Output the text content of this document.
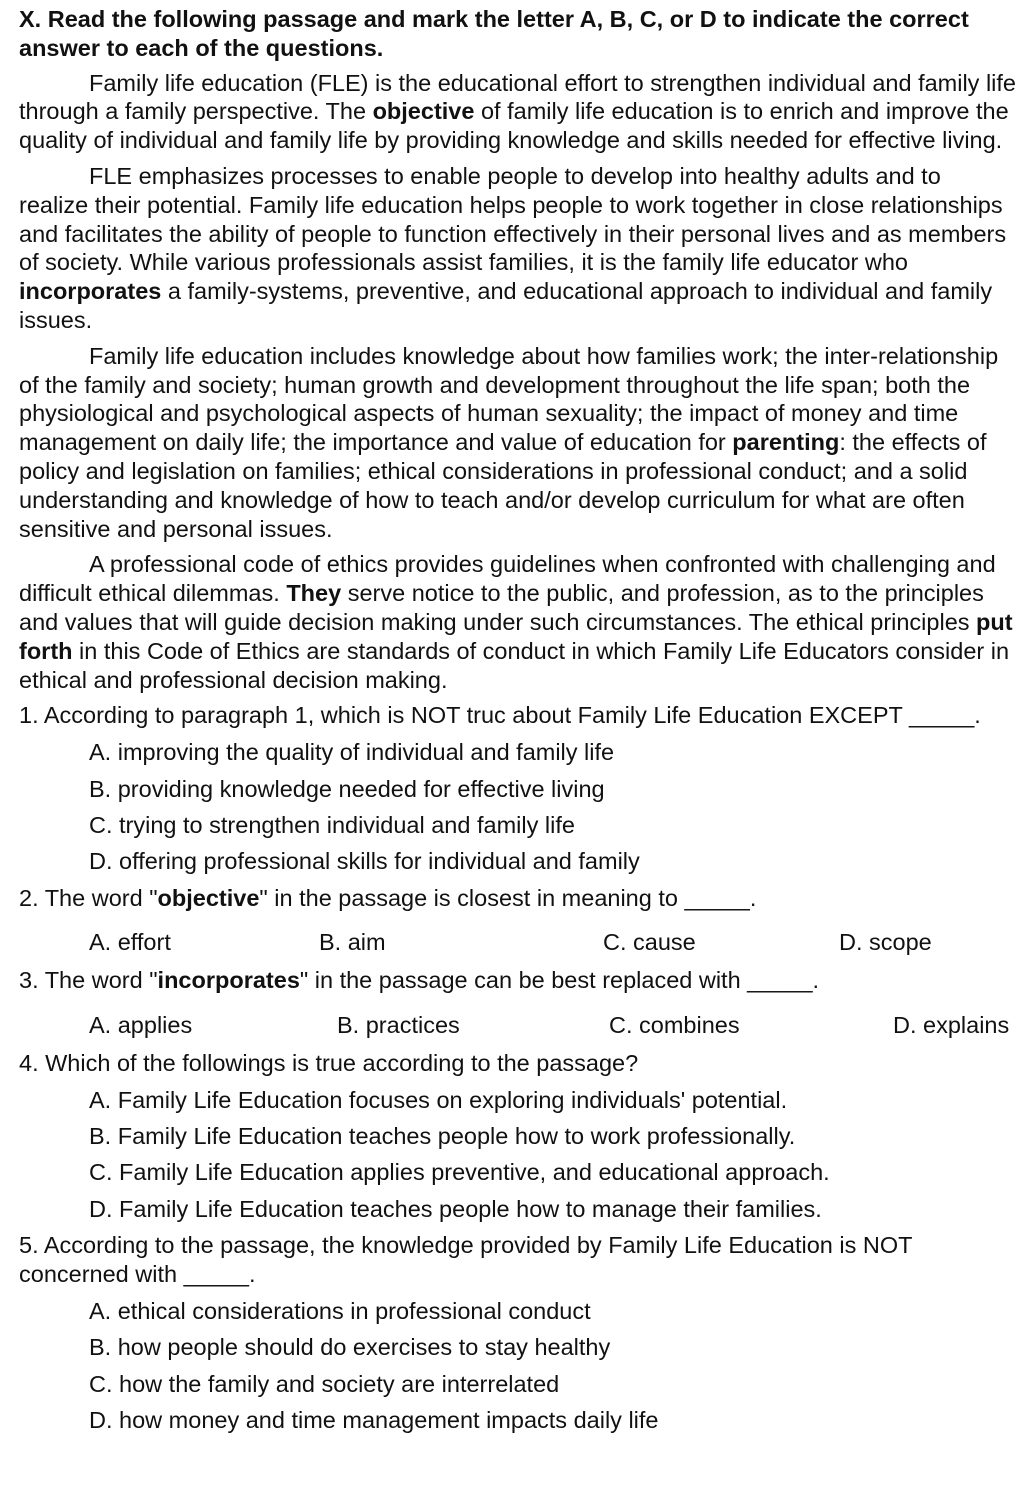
X. Read the following passage and mark the letter A, B, C, or D to indicate the correct answer to each of the questions.

Family life education (FLE) is the educational effort to strengthen individual and family life through a family perspective. The objective of family life education is to enrich and improve the quality of individual and family life by providing knowledge and skills needed for effective living.

FLE emphasizes processes to enable people to develop into healthy adults and to realize their potential. Family life education helps people to work together in close relationships and facilitates the ability of people to function effectively in their personal lives and as members of society. While various professionals assist families, it is the family life educator who incorporates a family-systems, preventive, and educational approach to individual and family issues.

Family life education includes knowledge about how families work; the inter-relationship of the family and society; human growth and development throughout the life span; both the physiological and psychological aspects of human sexuality; the impact of money and time management on daily life; the importance and value of education for parenting: the effects of policy and legislation on families; ethical considerations in professional conduct; and a solid understanding and knowledge of how to teach and/or develop curriculum for what are often sensitive and personal issues.

A professional code of ethics provides guidelines when confronted with challenging and difficult ethical dilemmas. They serve notice to the public, and profession, as to the principles and values that will guide decision making under such circumstances. The ethical principles put forth in this Code of Ethics are standards of conduct in which Family Life Educators consider in ethical and professional decision making.

1. According to paragraph 1, which is NOT truc about Family Life Education EXCEPT _____.

A. improving the quality of individual and family life

B. providing knowledge needed for effective living

C. trying to strengthen individual and family life

D. offering professional skills for individual and family

2. The word "objective" in the passage is closest in meaning to _____.

A. effort	B. aim	C. cause	D. scope

3. The word "incorporates" in the passage can be best replaced with _____.

A. applies	B. practices	C. combines	D. explains

4. Which of the followings is true according to the passage?

A. Family Life Education focuses on exploring individuals' potential.

B. Family Life Education teaches people how to work professionally.

C. Family Life Education applies preventive, and educational approach.

D. Family Life Education teaches people how to manage their families.

5. According to the passage, the knowledge provided by Family Life Education is NOT concerned with _____.

A. ethical considerations in professional conduct

B. how people should do exercises to stay healthy

C. how the family and society are interrelated

D. how money and time management impacts daily life
